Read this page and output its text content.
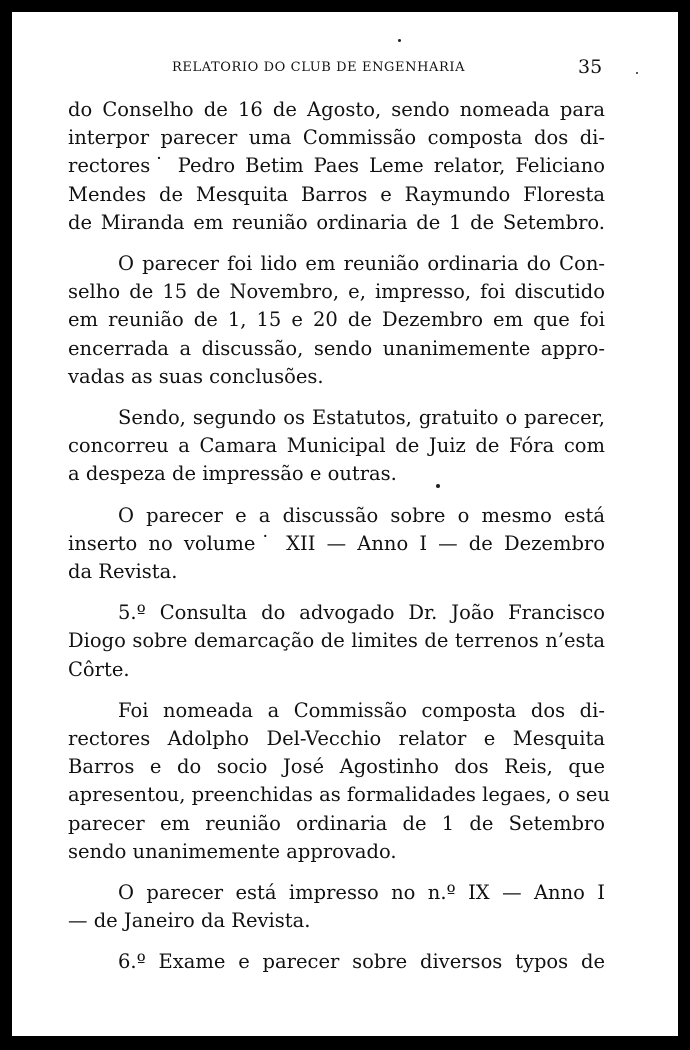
RELATORIO DO CLUB DE ENGENHARIA	35

do Conselho de 16 de Agosto, sendo nomeada para
interpor parecer uma Commissão composta dos di-
rectores˙ Pedro Betim Paes Leme relator, Feliciano
Mendes de Mesquita Barros e Raymundo Floresta
de Miranda em reunião ordinaria de 1 de Setembro.

O parecer foi lido em reunião ordinaria do Con-
selho de 15 de Novembro, e, impresso, foi discutido
em reunião de 1, 15 e 20 de Dezembro em que foi
encerrada a discussão, sendo unanimemente appro-
vadas as suas conclusões.

Sendo, segundo os Estatutos, gratuito o parecer,
concorreu a Camara Municipal de Juiz de Fóra com
a despeza de impressão e outras.

O parecer e a discussão sobre o mesmo está
inserto no volume˙ XII — Anno I — de Dezembro
da Revista.

5.º Consulta do advogado Dr. João Francisco
Diogo sobre demarcação de limites de terrenos n’esta
Côrte.

Foi nomeada a Commissão composta dos di-
rectores Adolpho Del-Vecchio relator e Mesquita
Barros e do socio José Agostinho dos Reis, que
apresentou, preenchidas as formalidades legaes, o seu
parecer em reunião ordinaria de 1 de Setembro
sendo unanimemente approvado.

O parecer está impresso no n.º IX — Anno I
— de Janeiro da Revista.

6.º Exame e parecer sobre diversos typos de
